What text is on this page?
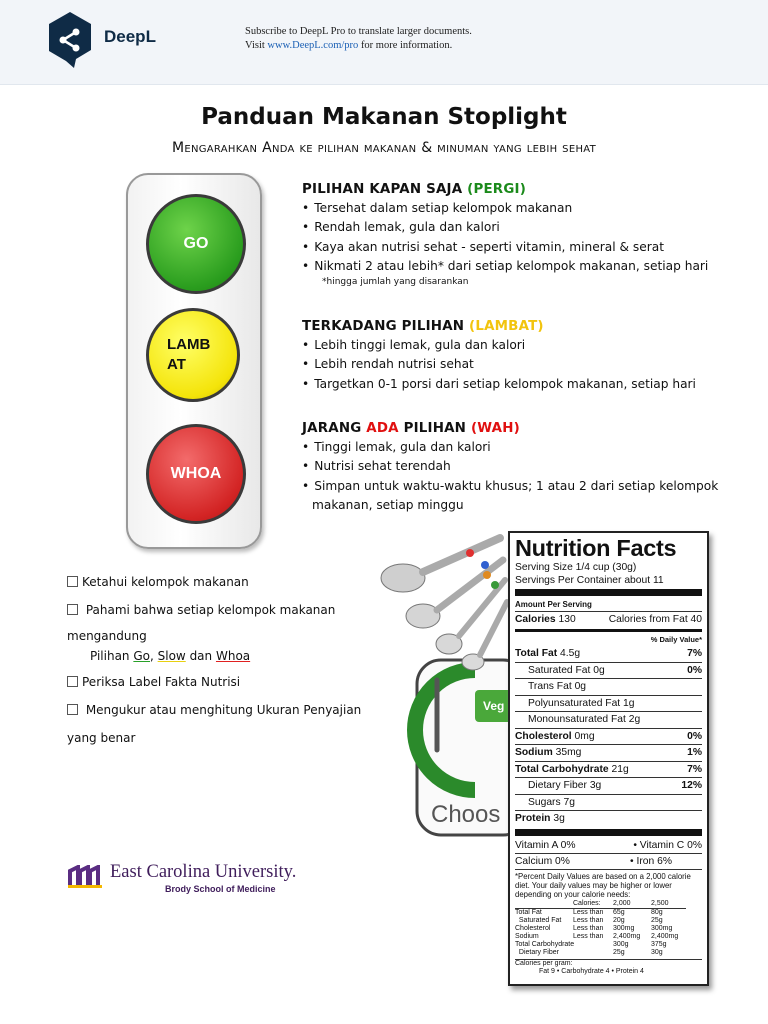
DeepL	Subscribe to DeepL Pro to translate larger documents.
Visit www.DeepL.com/pro for more information.
Panduan Makanan Stoplight
Mengarahkan Anda ke pilihan makanan & minuman yang lebih sehat
GO
LAMB
AT
WHOA
PILIHAN KAPAN SAJA (PERGI)
• Tersehat dalam setiap kelompok makanan
• Rendah lemak, gula dan kalori
• Kaya akan nutrisi sehat - seperti vitamin, mineral & serat
• Nikmati 2 atau lebih* dari setiap kelompok makanan, setiap hari
*hingga jumlah yang disarankan
TERKADANG PILIHAN (LAMBAT)
• Lebih tinggi lemak, gula dan kalori
• Lebih rendah nutrisi sehat
• Targetkan 0-1 porsi dari setiap kelompok makanan, setiap hari
JARANG ADA PILIHAN (WAH)
• Tinggi lemak, gula dan kalori
• Nutrisi sehat terendah
• Simpan untuk waktu-waktu khusus; 1 atau 2 dari setiap kelompok
makanan, setiap minggu
Choos
Veg
Ketahui kelompok makanan
Pahami bahwa setiap kelompok makanan
mengandung
Pilihan Go, Slow dan Whoa
Periksa Label Fakta Nutrisi
Mengukur atau menghitung Ukuran Penyajian
yang benar
East Carolina University.
Brody School of Medicine
Nutrition Facts
Serving Size 1/4 cup (30g)
Servings Per Container about 11
Amount Per Serving
Calories 130	Calories from Fat 40
% Daily Value*
Total Fat 4.5g	7%
Saturated Fat 0g	0%
Trans Fat 0g
Polyunsaturated Fat 1g
Monounsaturated Fat 2g
Cholesterol 0mg	0%
Sodium 35mg	1%
Total Carbohydrate 21g	7%
Dietary Fiber 3g	12%
Sugars 7g
Protein 3g
Vitamin A 0%	• Vitamin C 0%
Calcium 0%	• Iron 6%
*Percent Daily Values are based on a 2,000 calorie diet. Your daily values may be higher or lower depending on your calorie needs:
Calories:	2,000	2,500
Total Fat	Less than	65g	80g
Saturated Fat	Less than	20g	25g
Cholesterol	Less than	300mg	300mg
Sodium	Less than	2,400mg	2,400mg
Total Carbohydrate	300g	375g
Dietary Fiber	25g	30g
Calories per gram:
Fat 9 • Carbohydrate 4 • Protein 4
